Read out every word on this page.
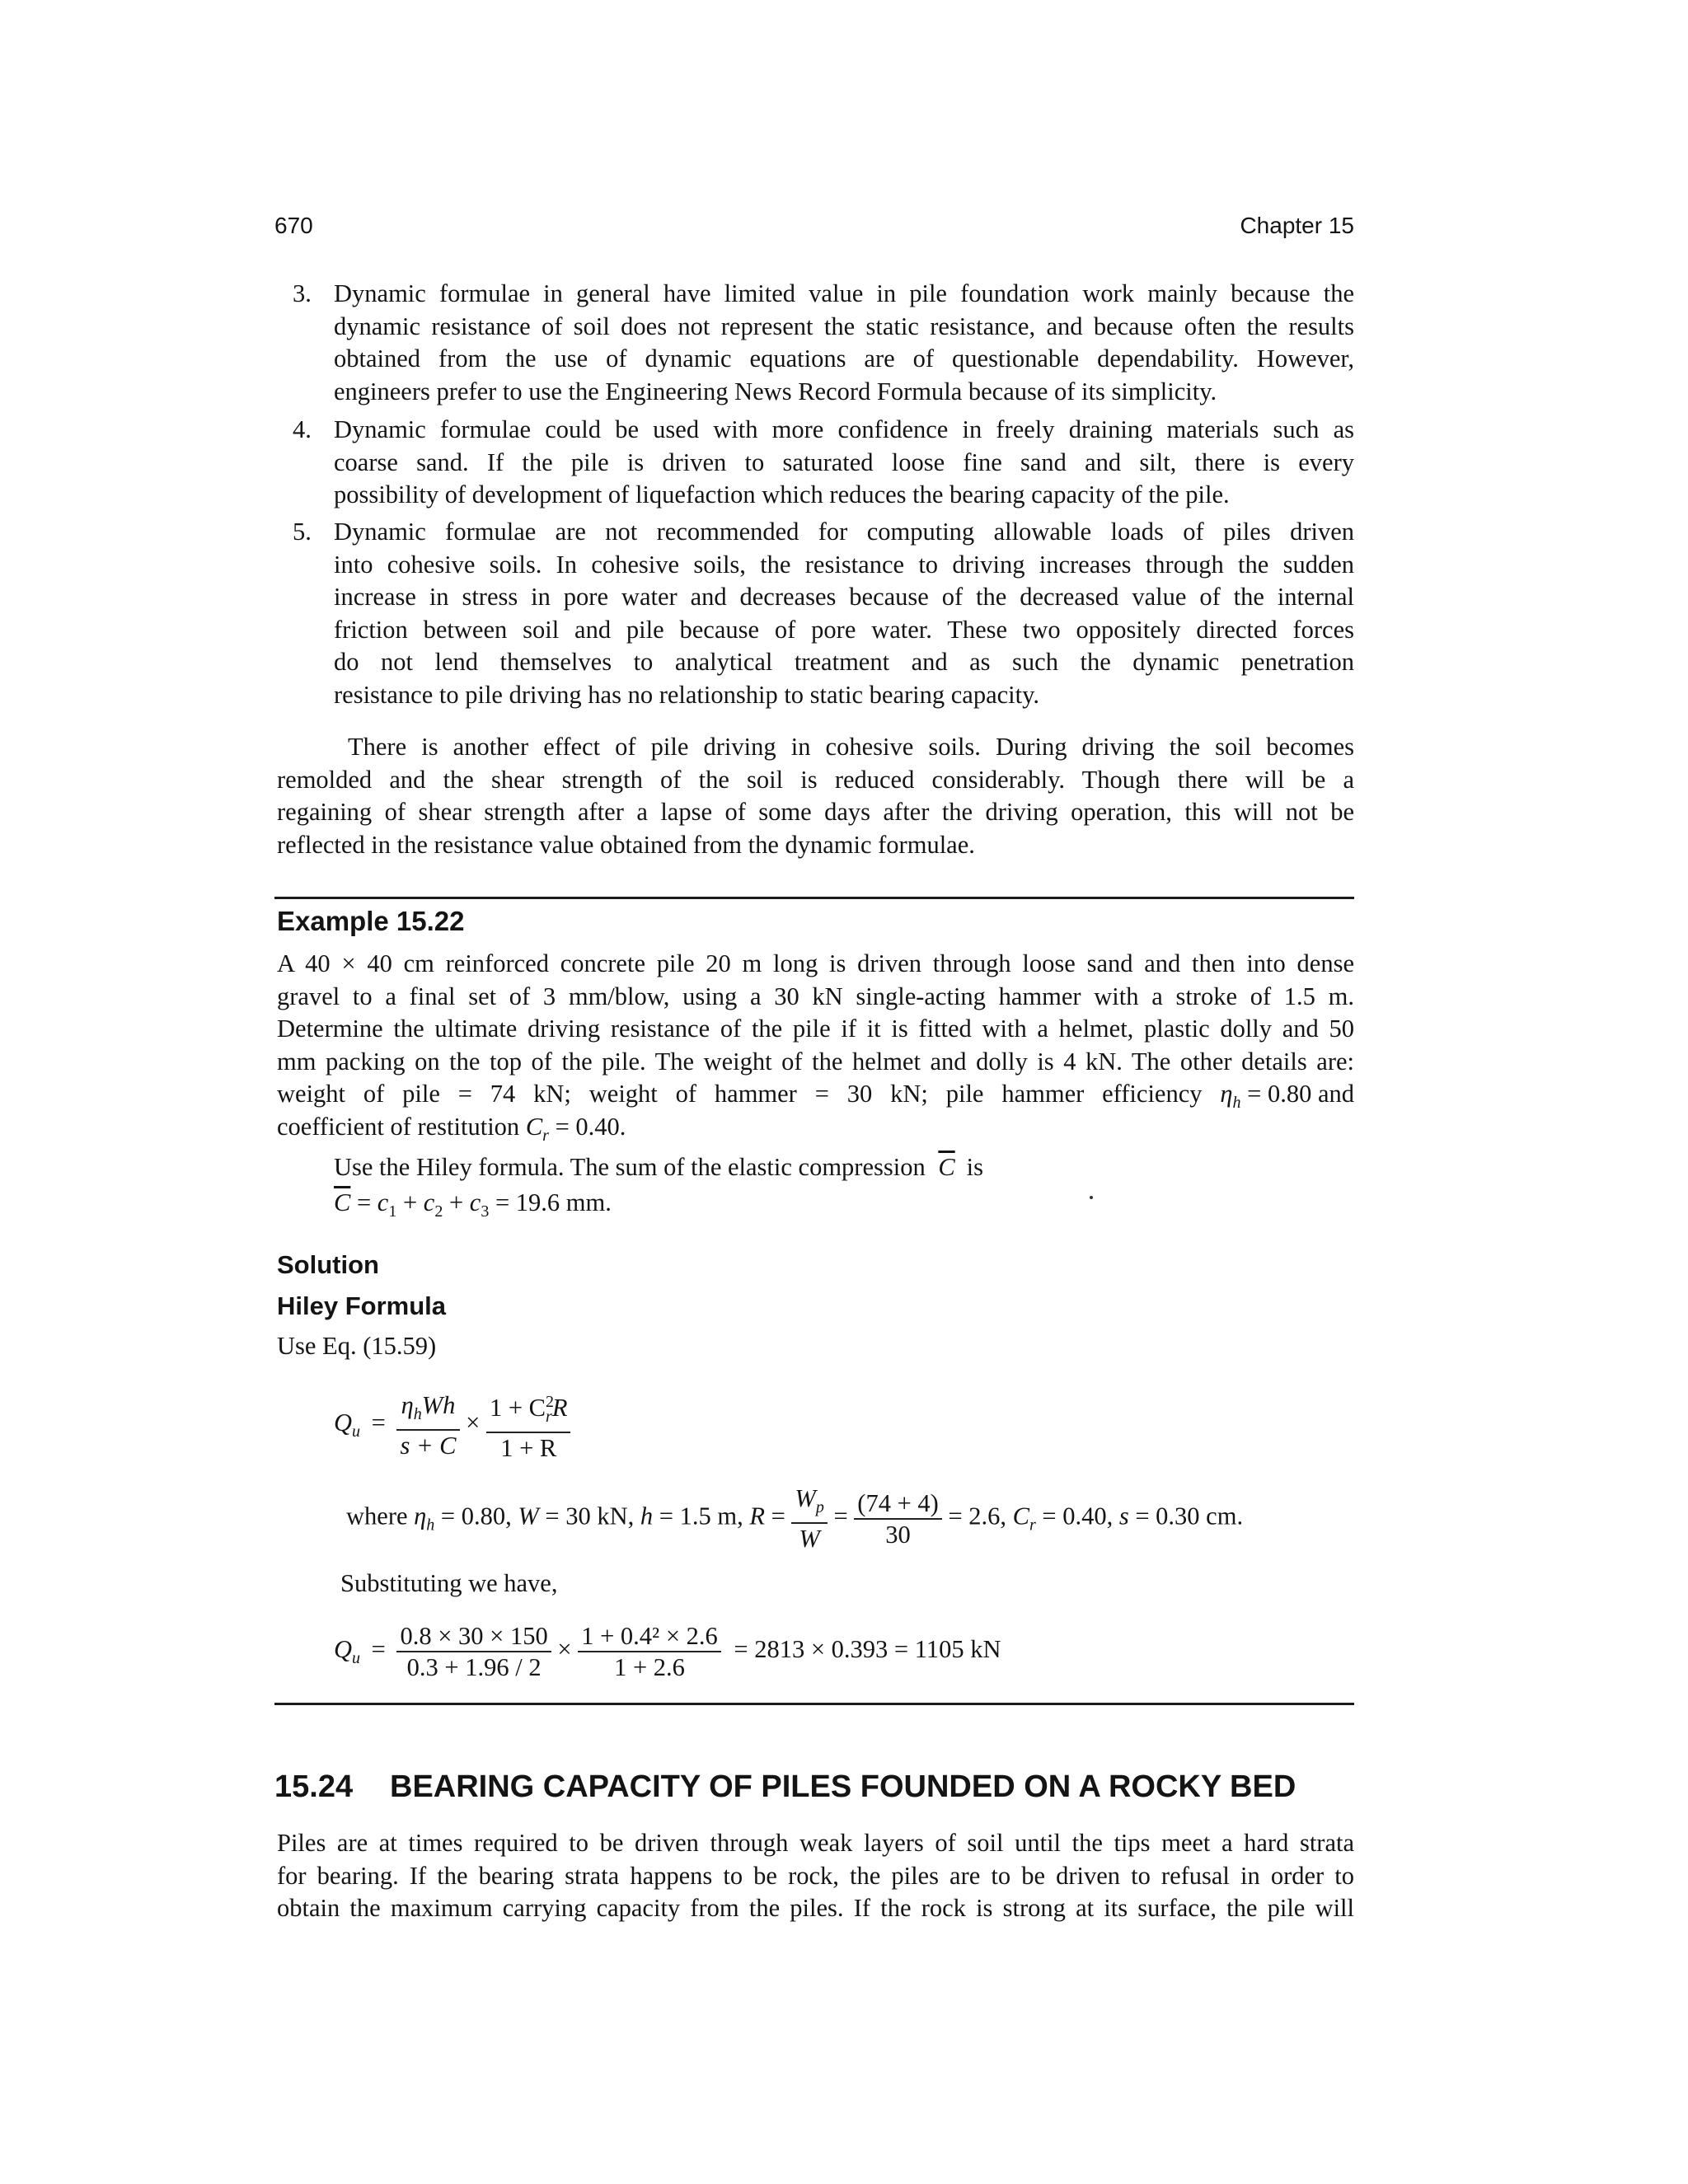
670	Chapter 15
3. Dynamic formulae in general have limited value in pile foundation work mainly because the

dynamic resistance of soil does not represent the static resistance, and because often the results

obtained from the use of dynamic equations are of questionable dependability. However,

engineers prefer to use the Engineering News Record Formula because of its simplicity.

4. Dynamic formulae could be used with more confidence in freely draining materials such as

coarse sand. If the pile is driven to saturated loose fine sand and silt, there is every

possibility of development of liquefaction which reduces the bearing capacity of the pile.

5. Dynamic formulae are not recommended for computing allowable loads of piles driven

into cohesive soils. In cohesive soils, the resistance to driving increases through the sudden

increase in stress in pore water and decreases because of the decreased value of the internal

friction between soil and pile because of pore water. These two oppositely directed forces

do not lend themselves to analytical treatment and as such the dynamic penetration

resistance to pile driving has no relationship to static bearing capacity.

There is another effect of pile driving in cohesive soils. During driving the soil becomes

remolded and the shear strength of the soil is reduced considerably. Though there will be a

regaining of shear strength after a lapse of some days after the driving operation, this will not be

reflected in the resistance value obtained from the dynamic formulae.

Example 15.22

A 40 × 40 cm reinforced concrete pile 20 m long is driven through loose sand and then into dense

gravel to a final set of 3 mm/blow, using a 30 kN single-acting hammer with a stroke of 1.5 m.

Determine the ultimate driving resistance of the pile if it is fitted with a helmet, plastic dolly and 50

mm packing on the top of the pile. The weight of the helmet and dolly is 4 kN. The other details are:

weight of pile = 74 kN; weight of hammer = 30 kN; pile hammer efficiency $\eta_h = 0.80$ and

coefficient of restitution $C_r = 0.40$.

Use the Hiley formula. The sum of the elastic compression $\overline{C}$ is
$\overline{C} = c_1 + c_2 + c_3 = 19.6$ mm.
Solution
Hiley Formula
Use Eq. (15.59)
$Q_u = \frac{\eta_hWh}{s + C} \times \frac{1 + C^2_rR}{1 + R}$
where $\eta_h = 0.80$, W = 30 kN, h = 1.5 m, $R = \frac{W_p}{W} = \frac{(74 + 4)}{30} = 2.6$, $C_r = 0.40$, s = 0.30 cm.
Substituting we have,
$Q_u = \frac{0.8 \times 30 \times 150}{0.3 + 1.96 / 2} \times \frac{\text{1 + 0.4² × 2.6}}{1 + 2.6} = 2813 \times 0.393 = 1105$ kN
15.24 BEARING CAPACITY OF PILES FOUNDED ON A ROCKY BED

Piles are at times required to be driven through weak layers of soil until the tips meet a hard strata

for bearing. If the bearing strata happens to be rock, the piles are to be driven to refusal in order to

obtain the maximum carrying capacity from the piles. If the rock is strong at its surface, the pile will
